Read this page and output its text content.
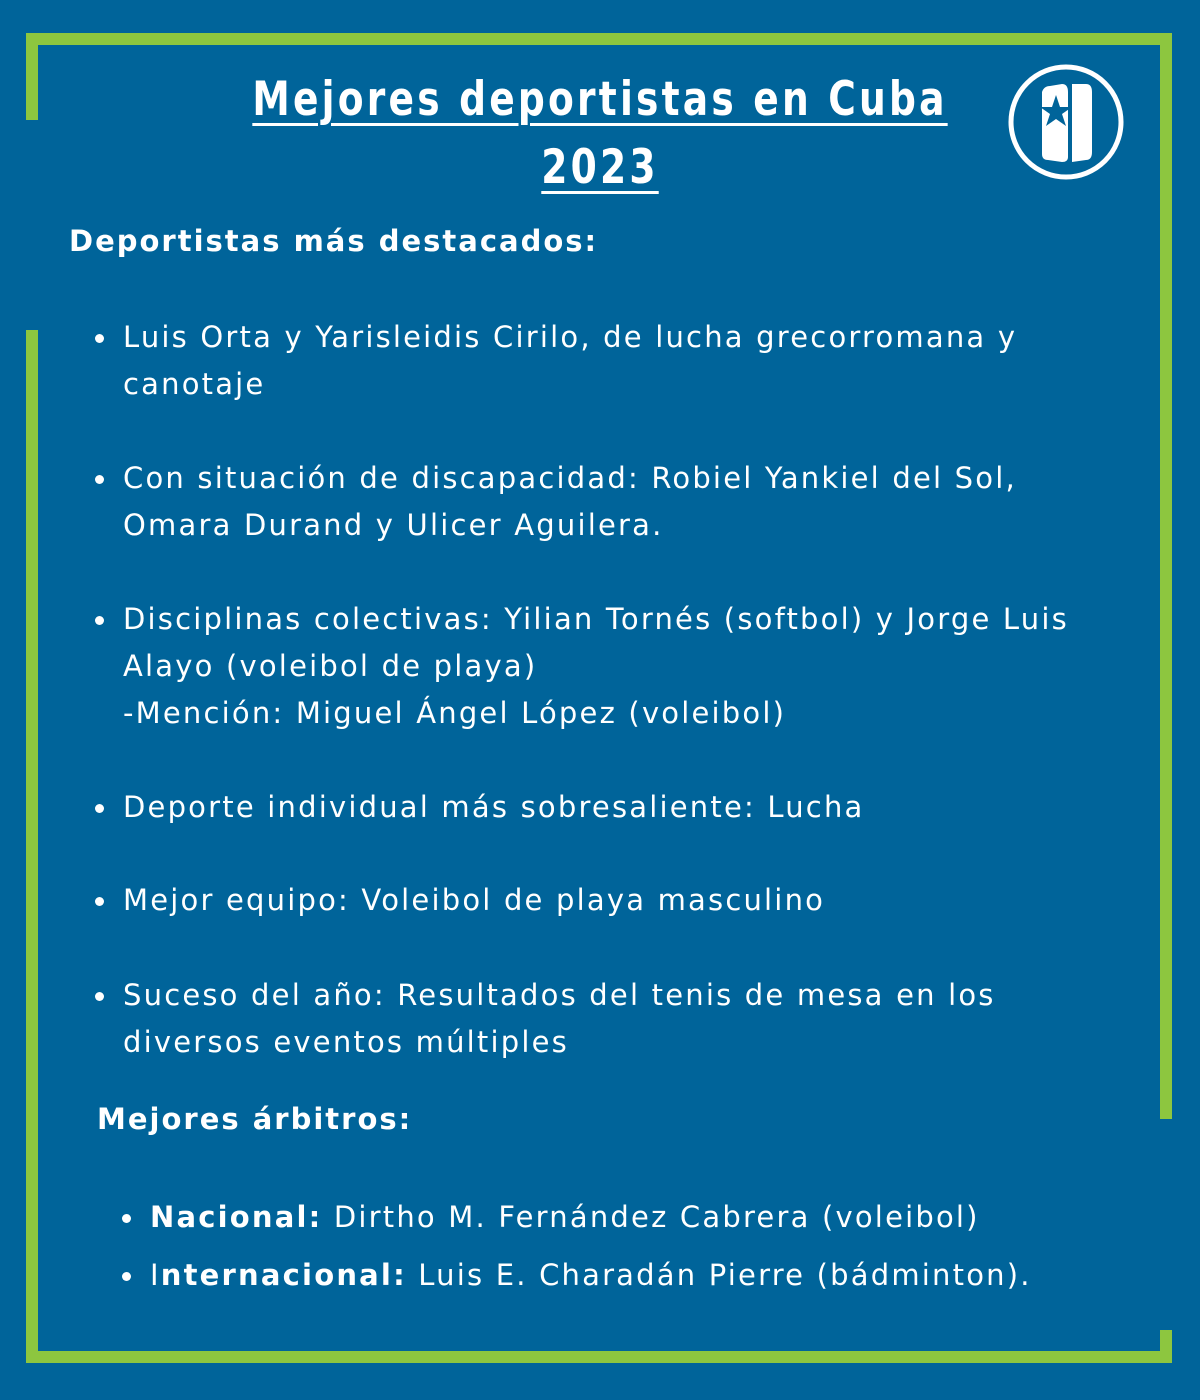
Mejores deportistas en Cuba
2023
Deportistas más destacados:
Luis Orta y Yarisleidis Cirilo, de lucha grecorromana y
canotaje
Con situación de discapacidad: Robiel Yankiel del Sol,
Omara Durand y Ulicer Aguilera.
Disciplinas colectivas: Yilian Tornés (softbol) y Jorge Luis
Alayo (voleibol de playa)
-Mención: Miguel Ángel López (voleibol)
Deporte individual más sobresaliente: Lucha
Mejor equipo: Voleibol de playa masculino
Suceso del año: Resultados del tenis de mesa en los
diversos eventos múltiples
Mejores árbitros:
Nacional: Dirtho M. Fernández Cabrera (voleibol)
Internacional: Luis E. Charadán Pierre (bádminton).
